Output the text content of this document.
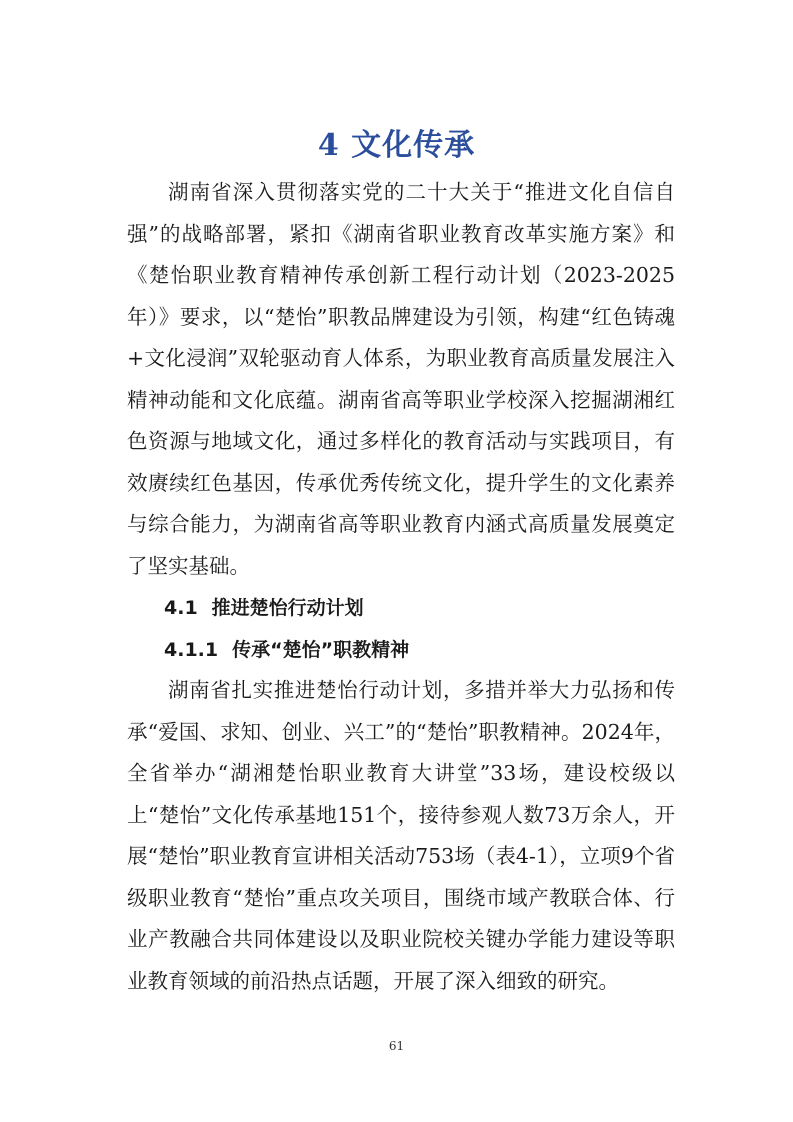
4 文化传承

湖南省深入贯彻落实党的二十大关于“推进文化自信自强”的战略部署，紧扣《湖南省职业教育改革实施方案》和《楚怡职业教育精神传承创新工程行动计划（2023-2025年）》要求，以“楚怡”职教品牌建设为引领，构建“红色铸魂+文化浸润”双轮驱动育人体系，为职业教育高质量发展注入精神动能和文化底蕴。湖南省高等职业学校深入挖掘湖湘红色资源与地域文化，通过多样化的教育活动与实践项目，有效赓续红色基因，传承优秀传统文化，提升学生的文化素养与综合能力，为湖南省高等职业教育内涵式高质量发展奠定了坚实基础。

4.1 推进楚怡行动计划
4.1.1 传承“楚怡”职教精神

湖南省扎实推进楚怡行动计划，多措并举大力弘扬和传承“爱国、求知、创业、兴工”的“楚怡”职教精神。2024年，全省举办“湖湘楚怡职业教育大讲堂”33场，建设校级以上“楚怡”文化传承基地151个，接待参观人数73万余人，开展“楚怡”职业教育宣讲相关活动753场（表4-1），立项9个省级职业教育“楚怡”重点攻关项目，围绕市域产教联合体、行业产教融合共同体建设以及职业院校关键办学能力建设等职业教育领域的前沿热点话题，开展了深入细致的研究。

61
